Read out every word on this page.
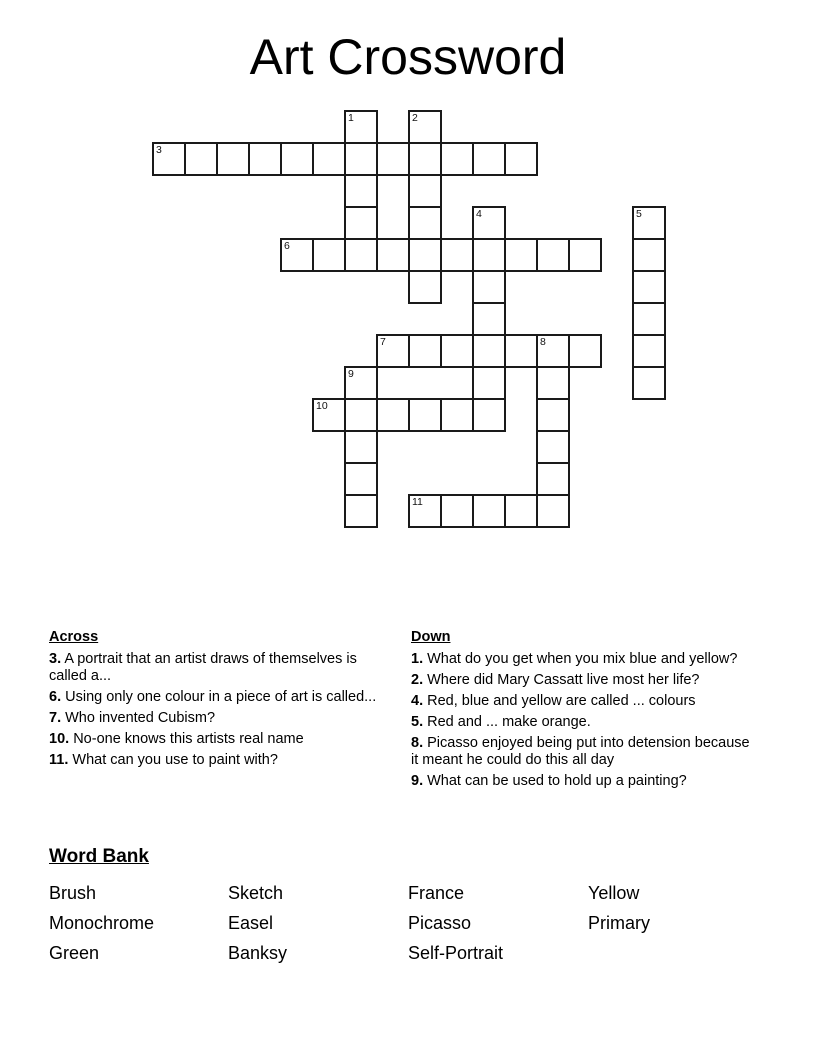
Art Crossword
1	2
3
4	5
6
7	8
9
10
11
Across

3. A portrait that an artist draws of themselves is called a...

6. Using only one colour in a piece of art is called...

7. Who invented Cubism?

10. No-one knows this artists real name

11. What can you use to paint with?

Down

1. What do you get when you mix blue and yellow?

2. Where did Mary Cassatt live most her life?

4. Red, blue and yellow are called ... colours

5. Red and ... make orange.

8. Picasso enjoyed being put into detension because it meant he could do this all day

9. What can be used to hold up a painting?

Word Bank
Brush
Monochrome
Green
Sketch
Easel
Banksy
France
Picasso
Self-Portrait
Yellow
Primary
